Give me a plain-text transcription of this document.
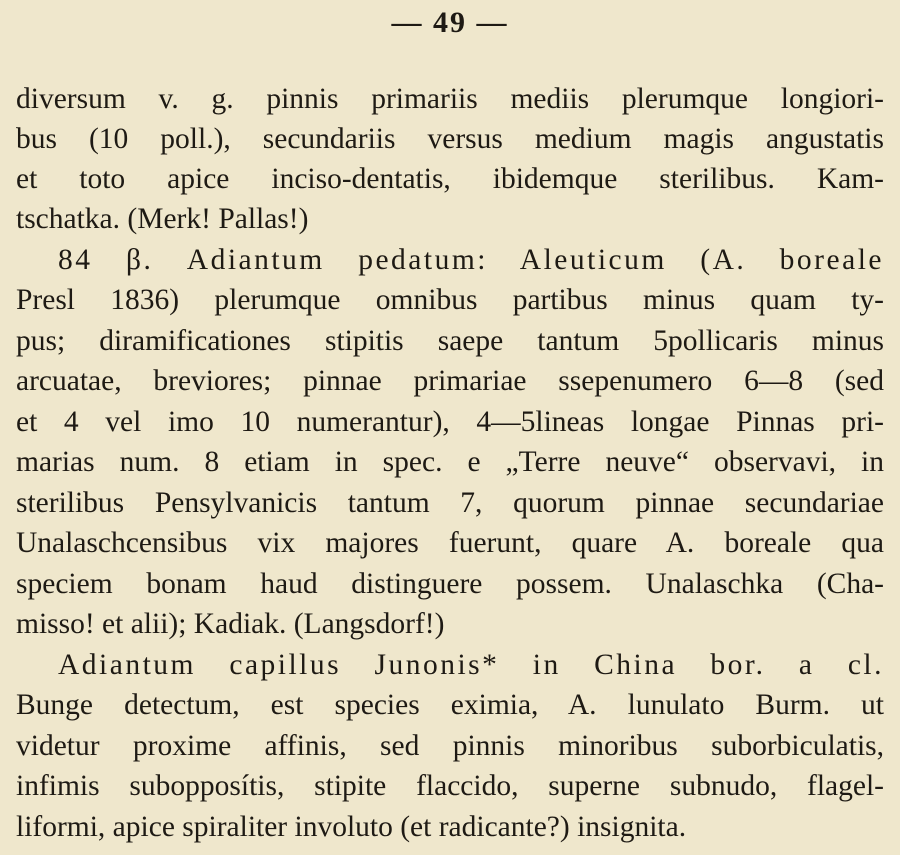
— 49 —
diversum v. g. pinnis primariis mediis plerumque longiori-
bus (10 poll.), secundariis versus medium magis angustatis
et toto apice inciso-dentatis, ibidemque sterilibus. Kam-
tschatka. (Merk! Pallas!)
84 β. Adiantum pedatum: Aleuticum (A. boreale
Presl 1836) plerumque omnibus partibus minus quam ty-
pus; diramificationes stipitis saepe tantum 5pollicaris minus
arcuatae, breviores; pinnae primariae ssepenumero 6—8 (sed
et 4 vel imo 10 numerantur), 4—5lineas longae Pinnas pri-
marias num. 8 etiam in spec. e „Terre neuve“ observavi, in
sterilibus Pensylvanicis tantum 7, quorum pinnae secundariae
Unalaschcensibus vix majores fuerunt, quare A. boreale qua
speciem bonam haud distinguere possem. Unalaschka (Cha-
misso! et alii); Kadiak. (Langsdorf!)
Adiantum capillus Junonis* in China bor. a cl.
Bunge detectum, est species eximia, A. lunulato Burm. ut
videtur proxime affinis, sed pinnis minoribus suborbiculatis,
infimis subopposítis, stipite flaccido, superne subnudo, flagel-
liformi, apice spiraliter involuto (et radicante?) insignita.
